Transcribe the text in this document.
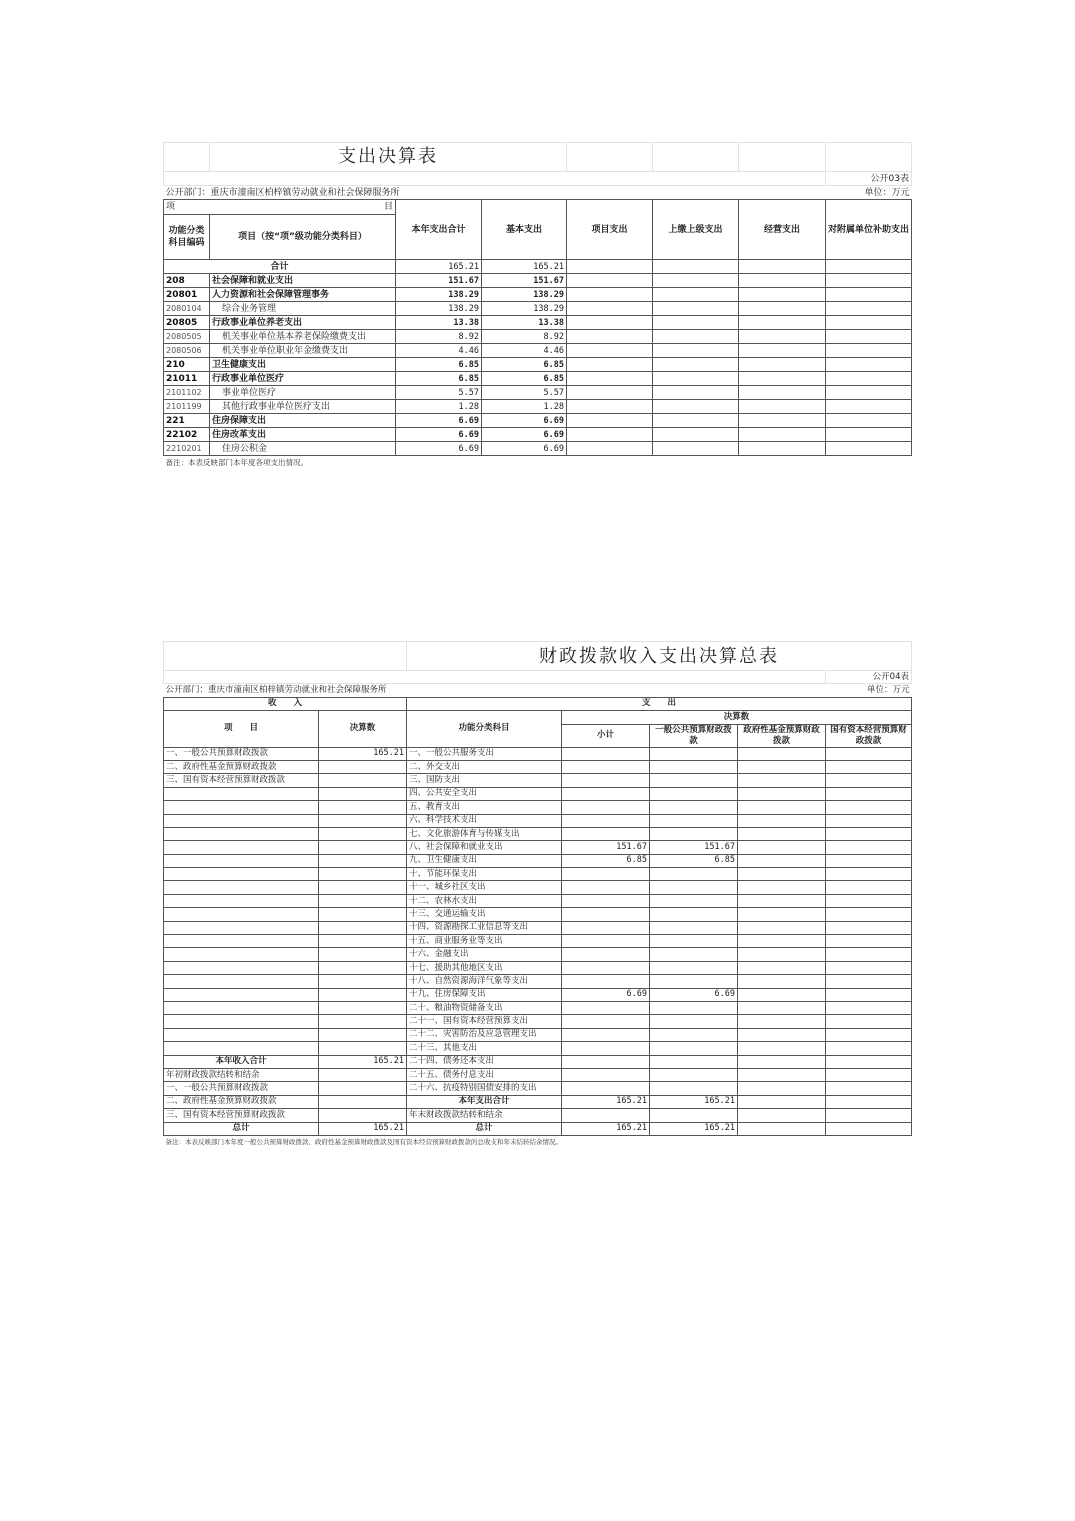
	支出决算表						
							公开03表
公开部门：重庆市潼南区柏梓镇劳动就业和社会保障服务所							单位：万元
项 目		本年支出合计	基本支出	项目支出	上缴上级支出	经营支出	对附属单位补助支出
功能分类科目编码	项目（按“项”级功能分类科目）						
合计		165.21	165.21				
208	社会保障和就业支出	151.67	151.67				
20801	人力资源和社会保障管理事务	138.29	138.29				
2080104	综合业务管理	138.29	138.29				
20805	行政事业单位养老支出	13.38	13.38				
2080505	机关事业单位基本养老保险缴费支出	8.92	8.92				
2080506	机关事业单位职业年金缴费支出	4.46	4.46				
210	卫生健康支出	6.85	6.85				
21011	行政事业单位医疗	6.85	6.85				
2101102	事业单位医疗	5.57	5.57				
2101199	其他行政事业单位医疗支出	1.28	1.28				
221	住房保障支出	6.69	6.69				
22102	住房改革支出	6.69	6.69				
2210201	住房公积金	6.69	6.69				
备注：本表反映部门本年度各项支出情况。							
		财政拨款收入支出决算总表				
						公开04表
公开部门：重庆市潼南区柏梓镇劳动就业和社会保障服务所						单位：万元
收　　入		支　　出				
项　　目	决算数	功能分类科目	决算数			
			小计	一般公共预算财政拨款	政府性基金预算财政拨款	国有资本经营预算财政拨款

一、一般公共预算财政拨款	165.21	一、一般公共服务支出				
二、政府性基金预算财政拨款		二、外交支出				
三、国有资本经营预算财政拨款		三、国防支出				
		四、公共安全支出				
		五、教育支出				
		六、科学技术支出				
		七、文化旅游体育与传媒支出				
		八、社会保障和就业支出	151.67	151.67		
		九、卫生健康支出	6.85	6.85		
		十、节能环保支出				
		十一、城乡社区支出				
		十二、农林水支出				
		十三、交通运输支出				
		十四、资源勘探工业信息等支出				
		十五、商业服务业等支出				
		十六、金融支出				
		十七、援助其他地区支出				
		十八、自然资源海洋气象等支出				
		十九、住房保障支出	6.69	6.69		
		二十、粮油物资储备支出				
		二十一、国有资本经营预算支出				
		二十二、灾害防治及应急管理支出				
		二十三、其他支出				
本年收入合计	165.21	二十四、债务还本支出				
年初财政拨款结转和结余		二十五、债务付息支出				
一、一般公共预算财政拨款		二十六、抗疫特别国债安排的支出				
二、政府性基金预算财政拨款		本年支出合计	165.21	165.21		
三、国有资本经营预算财政拨款		年末财政拨款结转和结余				
总计	165.21	总计	165.21	165.21		
备注：本表反映部门本年度一般公共预算财政拨款、政府性基金预算财政拨款及国有资本经营预算财政拨款的总收支和年末结转结余情况。						
